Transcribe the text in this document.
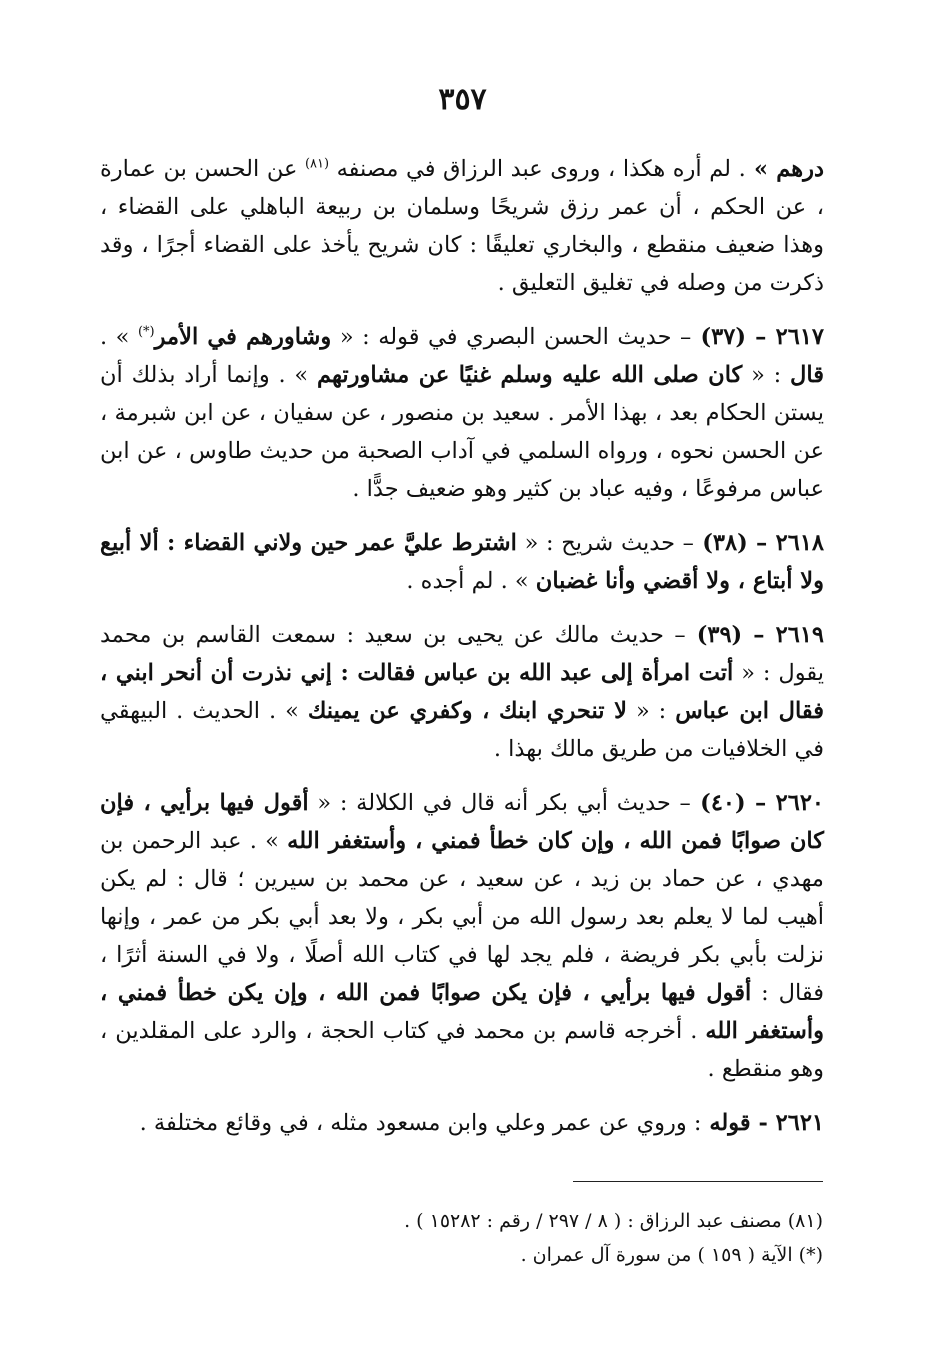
٣٥٧

درهم » . لم أره هكذا ، وروى عبد الرزاق في مصنفه $^{(٨١)}$ عن الحسن بن عمارة ، عن الحكم ، أن عمر رزق شريحًا وسلمان بن ربيعة الباهلي على القضاء ، وهذا ضعيف منقطع ، والبخاري تعليقًا : كان شريح يأخذ على القضاء أجرًا ، وقد ذكرت من وصله في تغليق التعليق .

٢٦١٧ – (٣٧) – حديث الحسن البصري في قوله : « وشاورهم في الأمر(*) » . قال : « كان صلى الله عليه وسلم غنيًا عن مشاورتهم » . وإنما أراد بذلك أن يستن الحكام بعد ، بهذا الأمر . سعيد بن منصور ، عن سفيان ، عن ابن شبرمة ، عن الحسن نحوه ، ورواه السلمي في آداب الصحبة من حديث طاوس ، عن ابن عباس مرفوعًا ، وفيه عباد بن كثير وهو ضعيف جدًّا .

٢٦١٨ – (٣٨) – حديث شريح : « اشترط عليَّ عمر حين ولاني القضاء : ألا أبيع ولا أبتاع ، ولا أقضي وأنا غضبان » . لم أجده .

٢٦١٩ – (٣٩) – حديث مالك عن يحيى بن سعيد : سمعت القاسم بن محمد يقول : « أتت امرأة إلى عبد الله بن عباس فقالت : إني نذرت أن أنحر ابني ، فقال ابن عباس : « لا تنحري ابنك ، وكفري عن يمينك » . الحديث . البيهقي في الخلافيات من طريق مالك بهذا .

٢٦٢٠ – (٤٠) – حديث أبي بكر أنه قال في الكلالة : « أقول فيها برأيي ، فإن كان صوابًا فمن الله ، وإن كان خطأ فمني ، وأستغفر الله » . عبد الرحمن بن مهدي ، عن حماد بن زيد ، عن سعيد ، عن محمد بن سيرين ؛ قال : لم يكن أهيب لما لا يعلم بعد رسول الله من أبي بكر ، ولا بعد أبي بكر من عمر ، وإنها نزلت بأبي بكر فريضة ، فلم يجد لها في كتاب الله أصلًا ، ولا في السنة أثرًا ، فقال : أقول فيها برأيي ، فإن يكن صوابًا فمن الله ، وإن يكن خطأ فمني ، وأستغفر الله . أخرجه قاسم بن محمد في كتاب الحجة ، والرد على المقلدين ، وهو منقطع .

٢٦٢١ - قوله : وروي عن عمر وعلي وابن مسعود مثله ، في وقائع مختلفة .

(٨١) مصنف عبد الرزاق : ( ٨ / ٢٩٧ / رقم : ١٥٢٨٢ ) .

(*) الآية ( ١٥٩ ) من سورة آل عمران .
